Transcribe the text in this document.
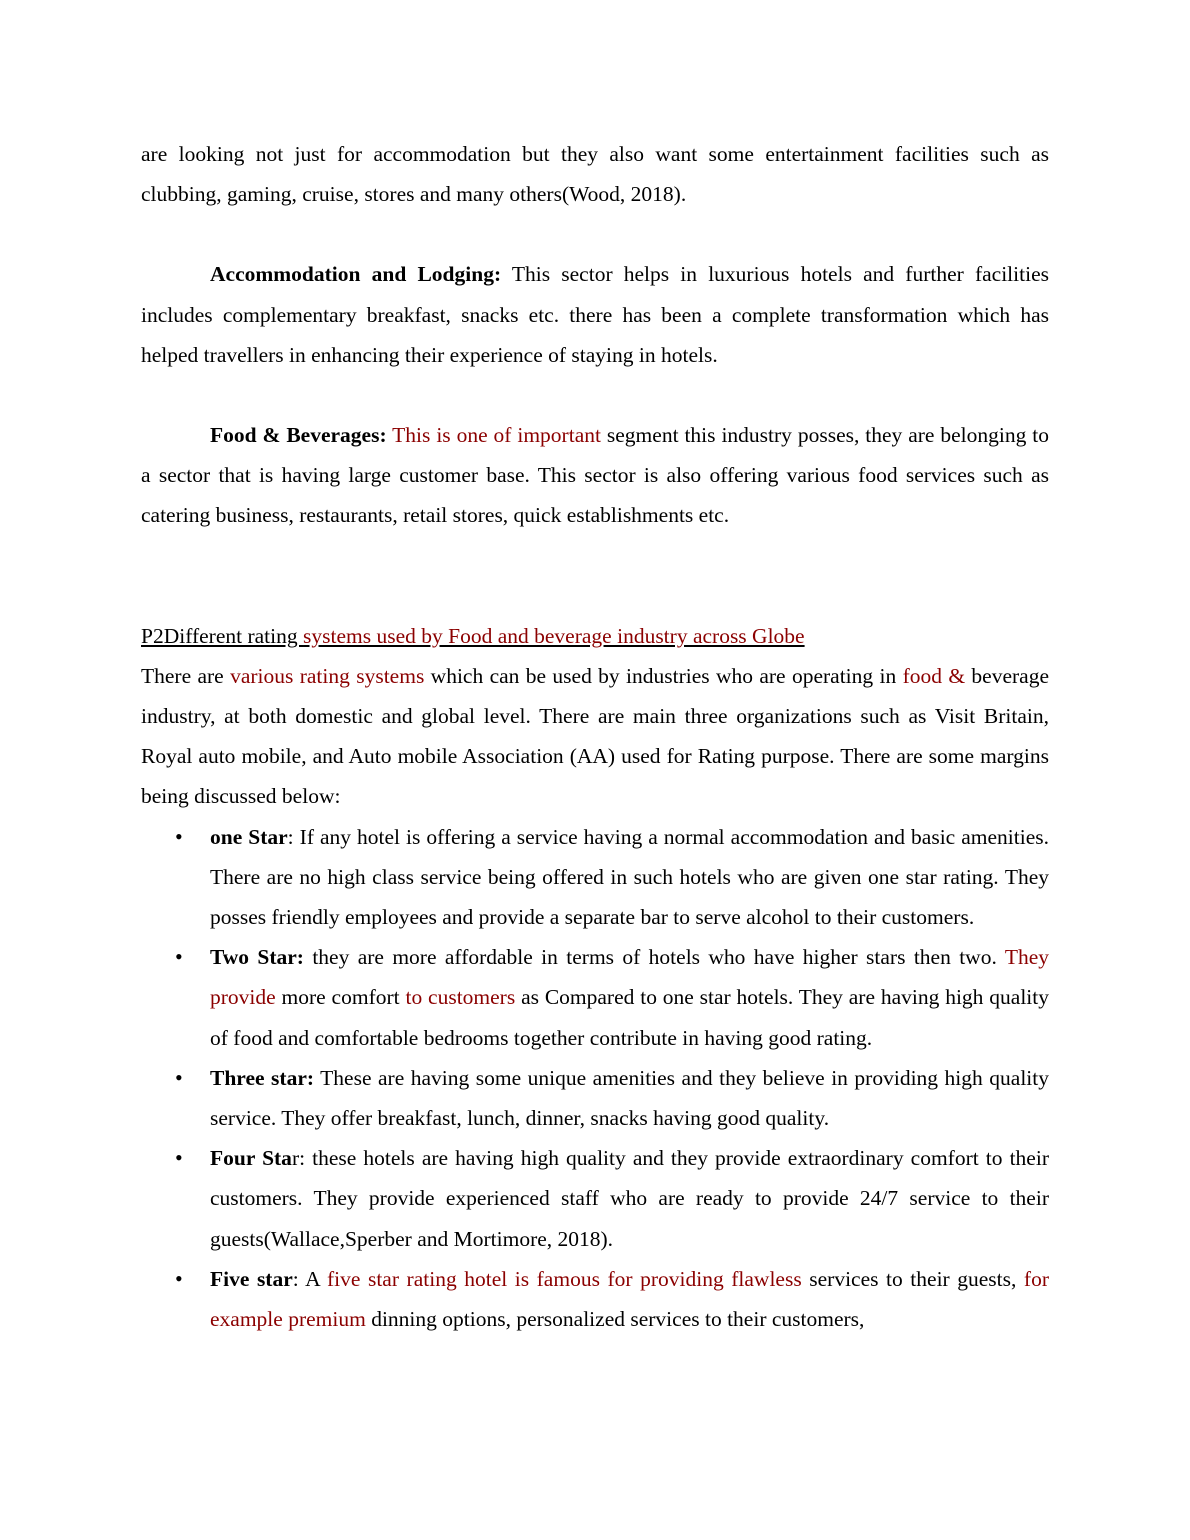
are looking not just for accommodation but they also want some entertainment facilities such as clubbing, gaming, cruise, stores and many others(Wood, 2018).

Accommodation and Lodging: This sector helps in luxurious hotels and further facilities includes complementary breakfast, snacks etc. there has been a complete transformation which has helped travellers in enhancing their experience of staying in hotels.

Food & Beverages: This is one of important segment this industry posses, they are belonging to a sector that is having large customer base. This sector is also offering various food services such as catering business, restaurants, retail stores, quick establishments etc.

P2Different rating systems used by Food and beverage industry across Globe

There are various rating systems which can be used by industries who are operating in food & beverage industry, at both domestic and global level. There are main three organizations such as Visit Britain, Royal auto mobile, and Auto mobile Association (AA) used for Rating purpose. There are some margins being discussed below:

• one Star: If any hotel is offering a service having a normal accommodation and basic amenities. There are no high class service being offered in such hotels who are given one star rating. They posses friendly employees and provide a separate bar to serve alcohol to their customers.
• Two Star: they are more affordable in terms of hotels who have higher stars then two. They provide more comfort to customers as Compared to one star hotels. They are having high quality of food and comfortable bedrooms together contribute in having good rating.
• Three star: These are having some unique amenities and they believe in providing high quality service. They offer breakfast, lunch, dinner, snacks having good quality.
• Four Star: these hotels are having high quality and they provide extraordinary comfort to their customers. They provide experienced staff who are ready to provide 24/7 service to their guests(Wallace,Sperber and Mortimore, 2018).
• Five star: A five star rating hotel is famous for providing flawless services to their guests, for example premium dinning options, personalized services to their customers,
